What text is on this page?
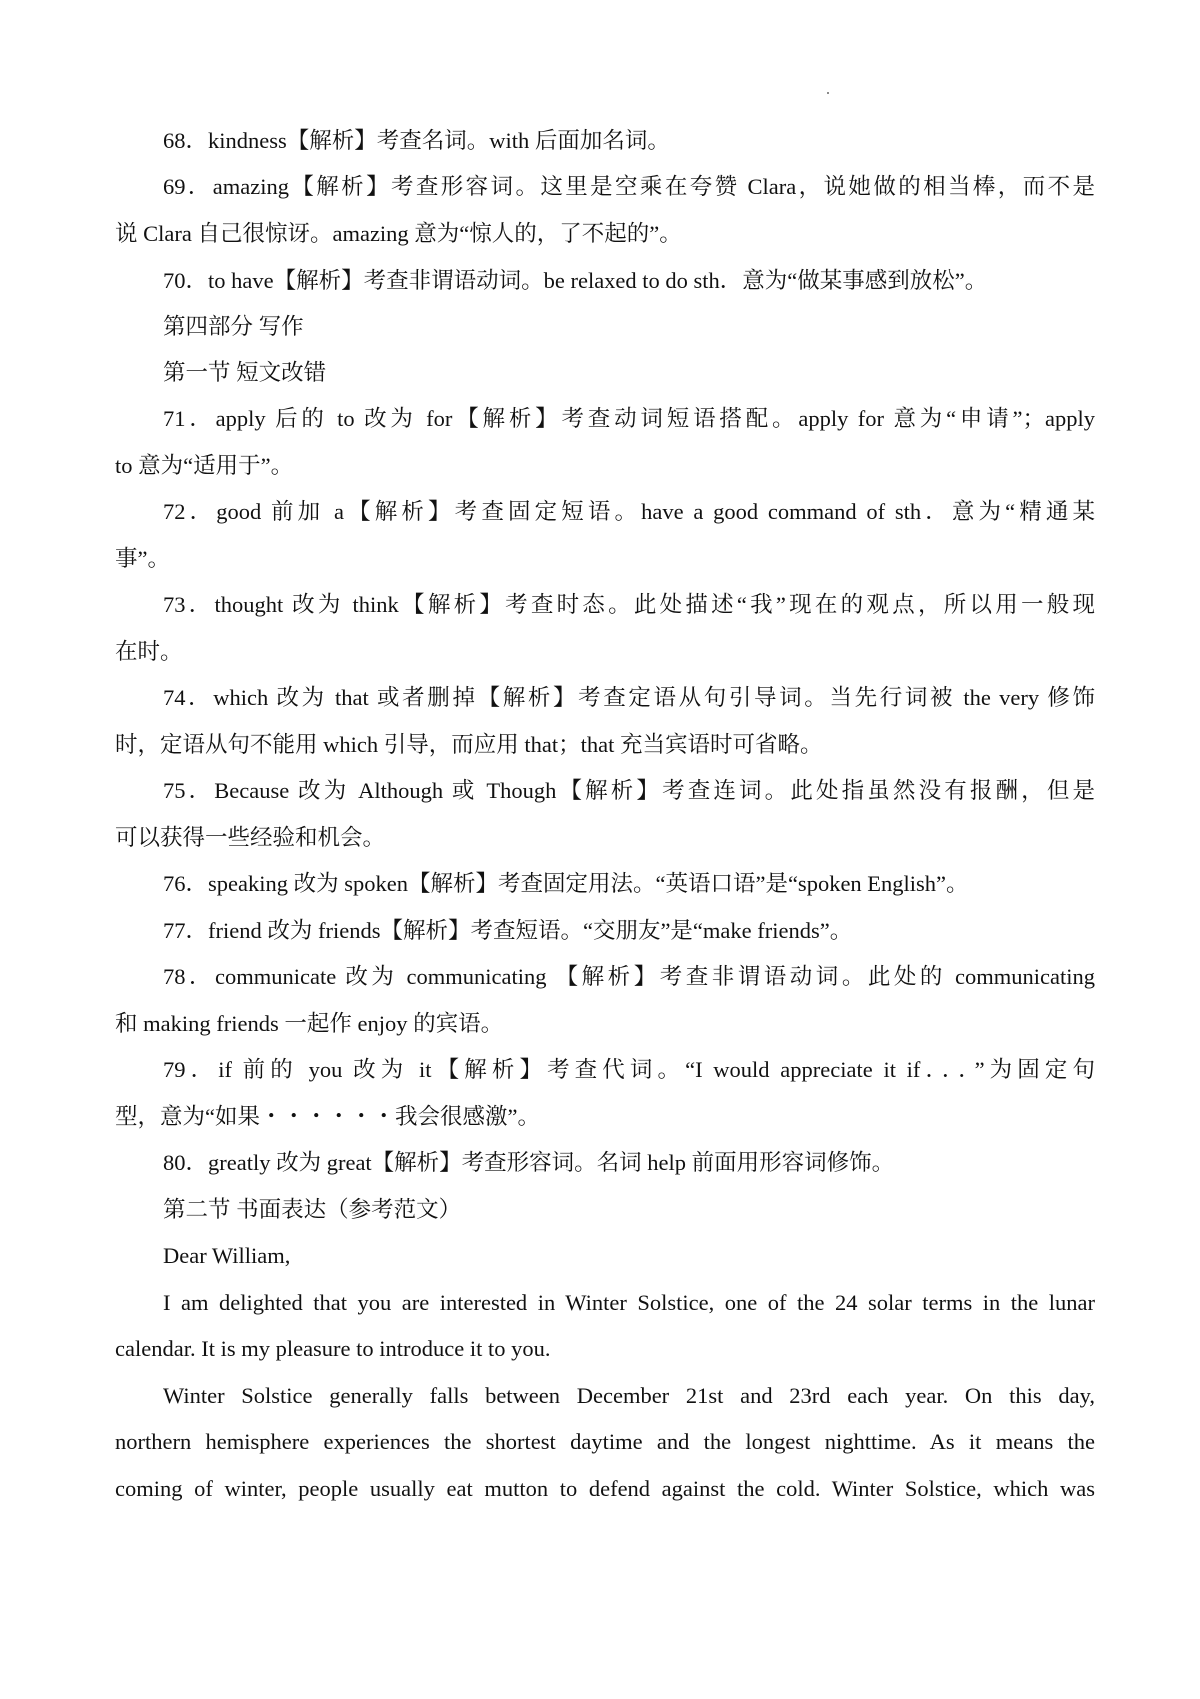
68．kindness【解析】考查名词。with 后面加名词。
69．amazing【解析】考查形容词。这里是空乘在夸赞 Clara，说她做的相当棒，而不是
说 Clara 自己很惊讶。amazing 意为“惊人的，了不起的”。
70．to have【解析】考查非谓语动词。be relaxed to do sth．意为“做某事感到放松”。
第四部分 写作
第一节 短文改错
71．apply 后的 to 改为 for【解析】考查动词短语搭配。apply for 意为“申请”；apply
to 意为“适用于”。
72．good 前加 a【解析】考查固定短语。have a good command of sth．意为“精通某
事”。
73．thought 改为 think【解析】考查时态。此处描述“我”现在的观点，所以用一般现
在时。
74．which 改为 that 或者删掉【解析】考查定语从句引导词。当先行词被 the very 修饰
时，定语从句不能用 which 引导，而应用 that；that 充当宾语时可省略。
75．Because 改为 Although 或 Though【解析】考查连词。此处指虽然没有报酬，但是
可以获得一些经验和机会。
76．speaking 改为 spoken【解析】考查固定用法。“英语口语”是“spoken English”。
77．friend 改为 friends【解析】考查短语。“交朋友”是“make friends”。
78．communicate 改为 communicating 【解析】考查非谓语动词。此处的 communicating
和 making friends 一起作 enjoy 的宾语。
79．if 前的 you 改为 it【解析】考查代词。“I would appreciate it if．．．”为固定句
型，意为“如果・・・・・・我会很感激”。
80．greatly 改为 great【解析】考查形容词。名词 help 前面用形容词修饰。
第二节 书面表达（参考范文）
Dear William,
I am delighted that you are interested in Winter Solstice, one of the 24 solar terms in the lunar
calendar. It is my pleasure to introduce it to you.
Winter Solstice generally falls between December 21st and 23rd each year. On this day,
northern hemisphere experiences the shortest daytime and the longest nighttime. As it means the
coming of winter, people usually eat mutton to defend against the cold. Winter Solstice, which was
